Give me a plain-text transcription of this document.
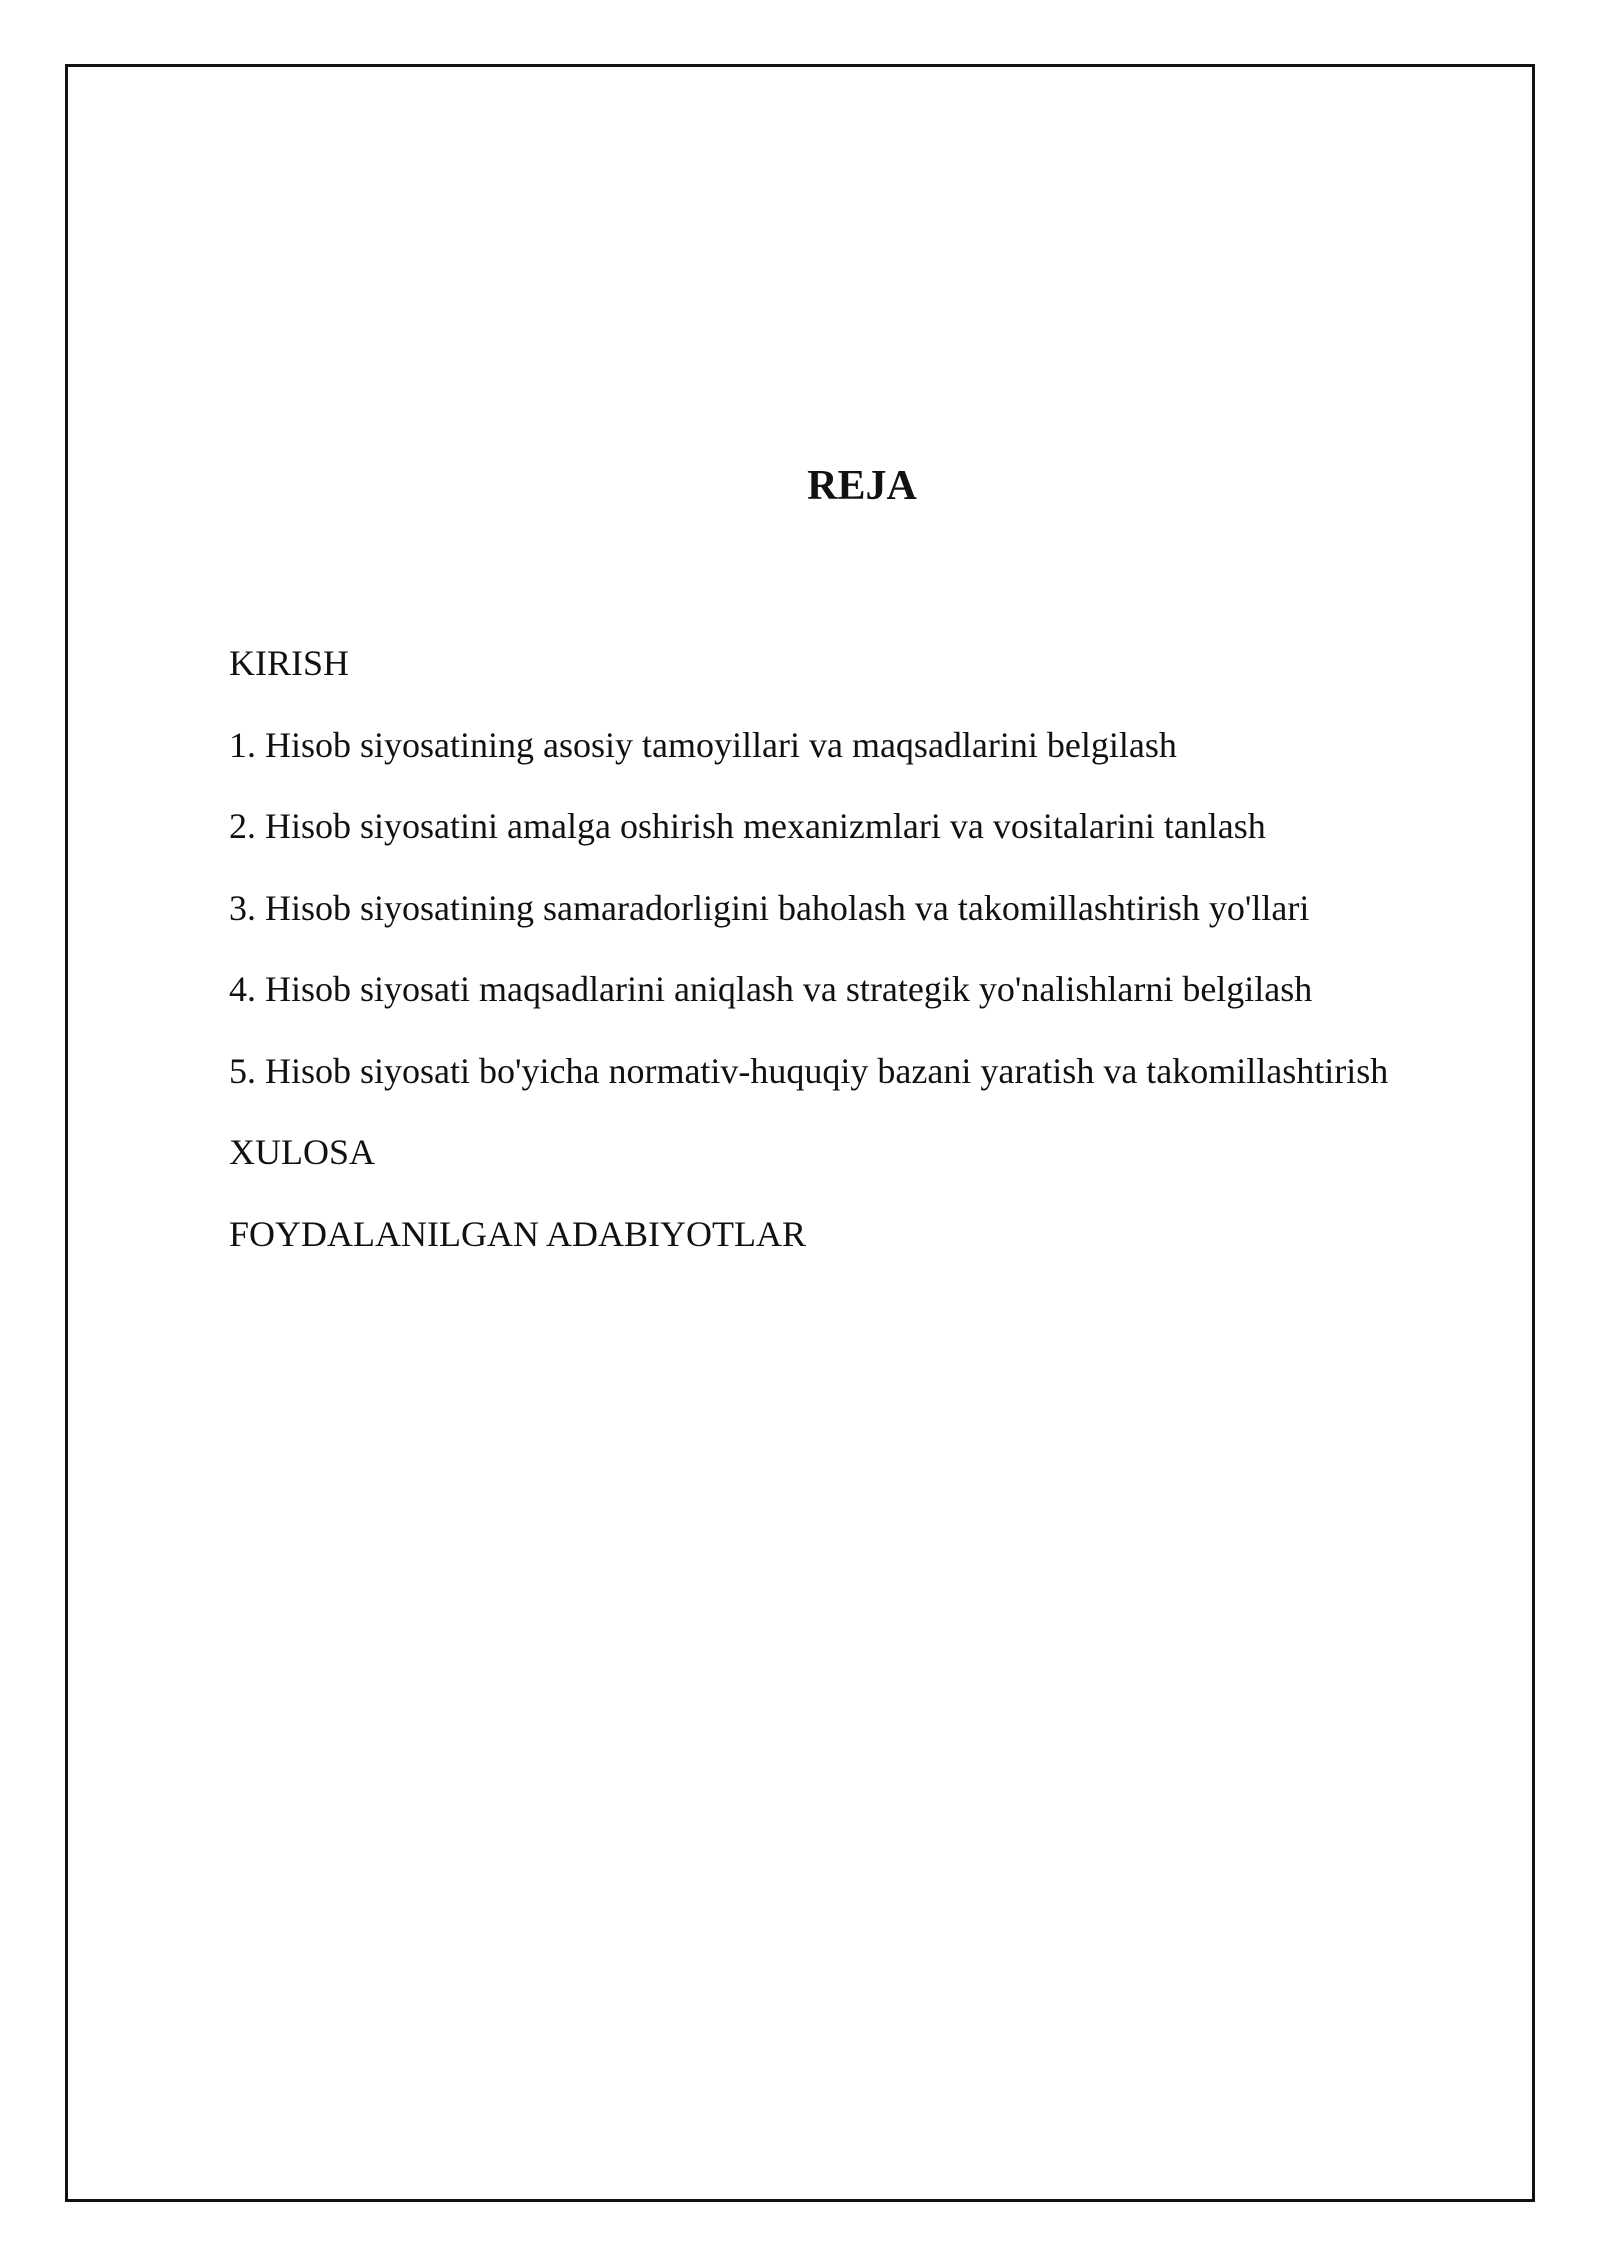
REJA
KIRISH
1. Hisob siyosatining asosiy tamoyillari va maqsadlarini belgilash
2. Hisob siyosatini amalga oshirish mexanizmlari va vositalarini tanlash
3. Hisob siyosatining samaradorligini baholash va takomillashtirish yo'llari
4. Hisob siyosati maqsadlarini aniqlash va strategik yo'nalishlarni belgilash
5. Hisob siyosati bo'yicha normativ-huquqiy bazani yaratish va takomillashtirish
XULOSA
FOYDALANILGAN ADABIYOTLAR
